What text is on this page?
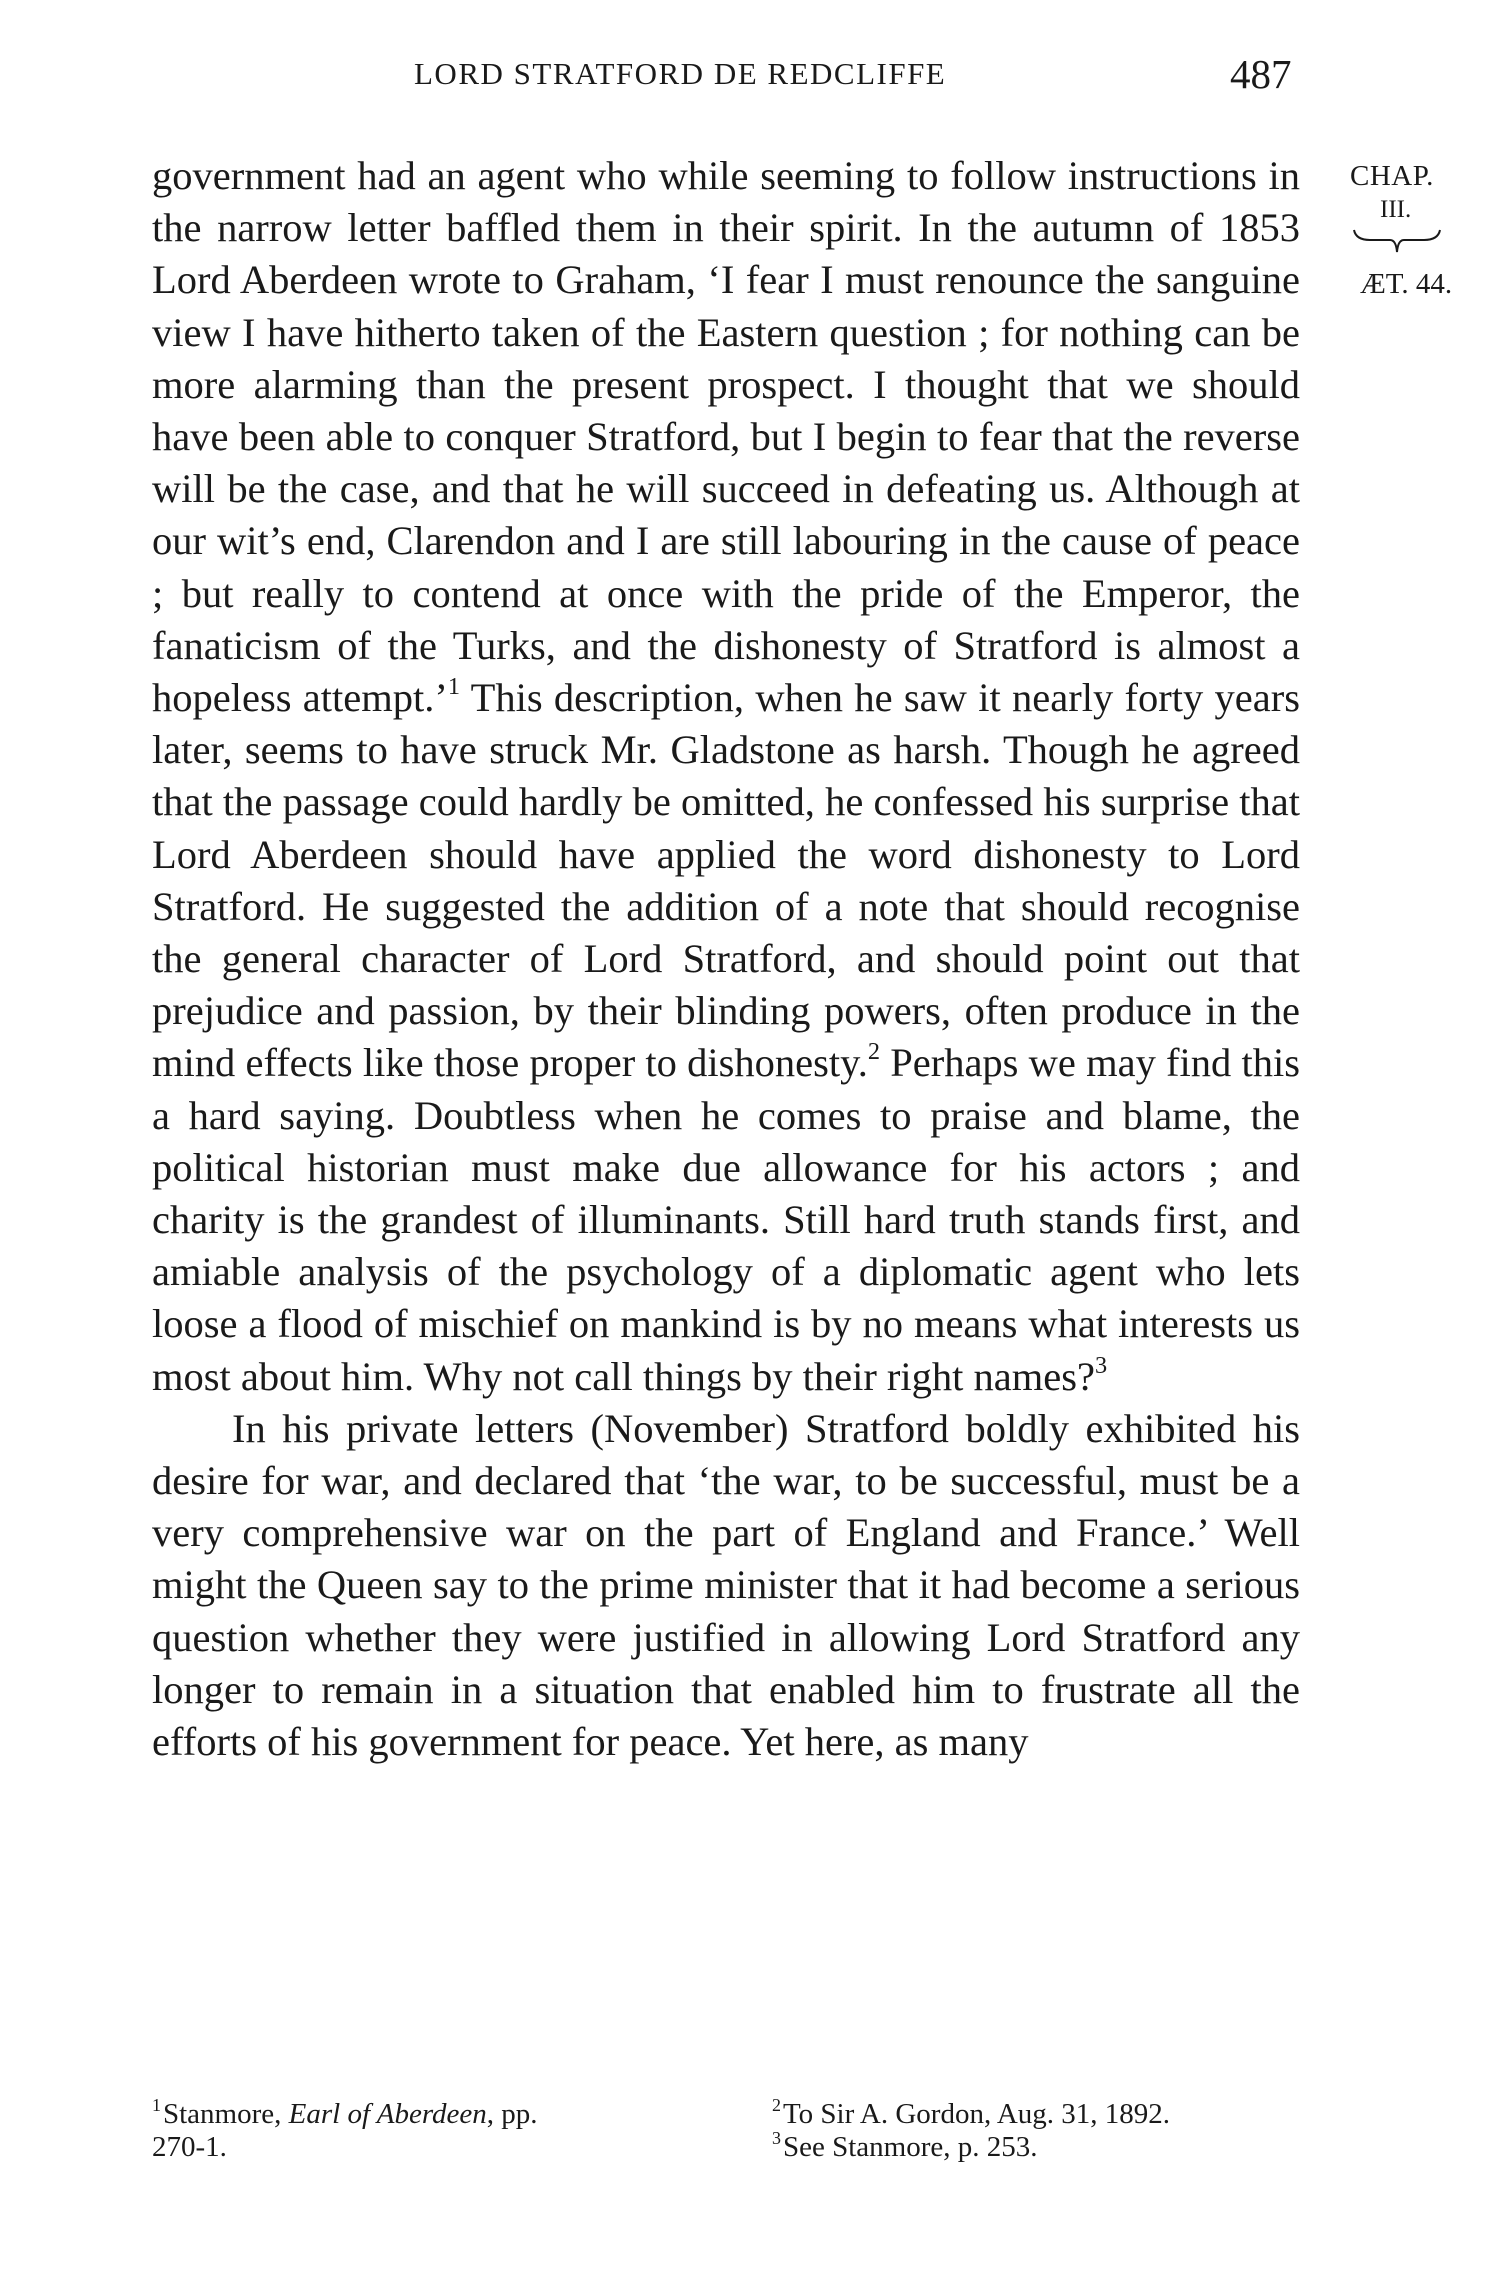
LORD STRATFORD DE REDCLIFFE	487
CHAP.
III.
ÆT. 44.

government had an agent who while seeming to follow instructions in the narrow letter baffled them in their spirit. In the autumn of 1853 Lord Aberdeen wrote to Graham, ‘I fear I must renounce the sanguine view I have hitherto taken of the Eastern question ; for nothing can be more alarming than the present prospect. I thought that we should have been able to conquer Stratford, but I begin to fear that the reverse will be the case, and that he will succeed in defeating us. Although at our wit’s end, Clarendon and I are still labouring in the cause of peace ; but really to contend at once with the pride of the Emperor, the fanaticism of the Turks, and the dishonesty of Stratford is almost a hopeless attempt.’$^1$ This description, when he saw it nearly forty years later, seems to have struck Mr. Gladstone as harsh. Though he agreed that the passage could hardly be omitted, he confessed his surprise that Lord Aberdeen should have applied the word dishonesty to Lord Stratford. He suggested the addition of a note that should recognise the general character of Lord Stratford, and should point out that prejudice and passion, by their blinding powers, often produce in the mind effects like those proper to dishonesty.$^2$ Perhaps we may find this a hard saying. Doubtless when he comes to praise and blame, the political historian must make due allowance for his actors ; and charity is the grandest of illuminants. Still hard truth stands first, and amiable analysis of the psychology of a diplomatic agent who lets loose a flood of mischief on mankind is by no means what interests us most about him. Why not call things by their right names?$^3$

In his private letters (November) Stratford boldly exhibited his desire for war, and declared that ‘the war, to be successful, must be a very comprehensive war on the part of England and France.’ Well might the Queen say to the prime minister that it had become a serious question whether they were justified in allowing Lord Stratford any longer to remain in a situation that enabled him to frustrate all the efforts of his government for peace. Yet here, as many

$^1$Stanmore, Earl of Aberdeen, pp.
270-1.
$^2$To Sir A. Gordon, Aug. 31, 1892.
$^3$See Stanmore, p. 253.
